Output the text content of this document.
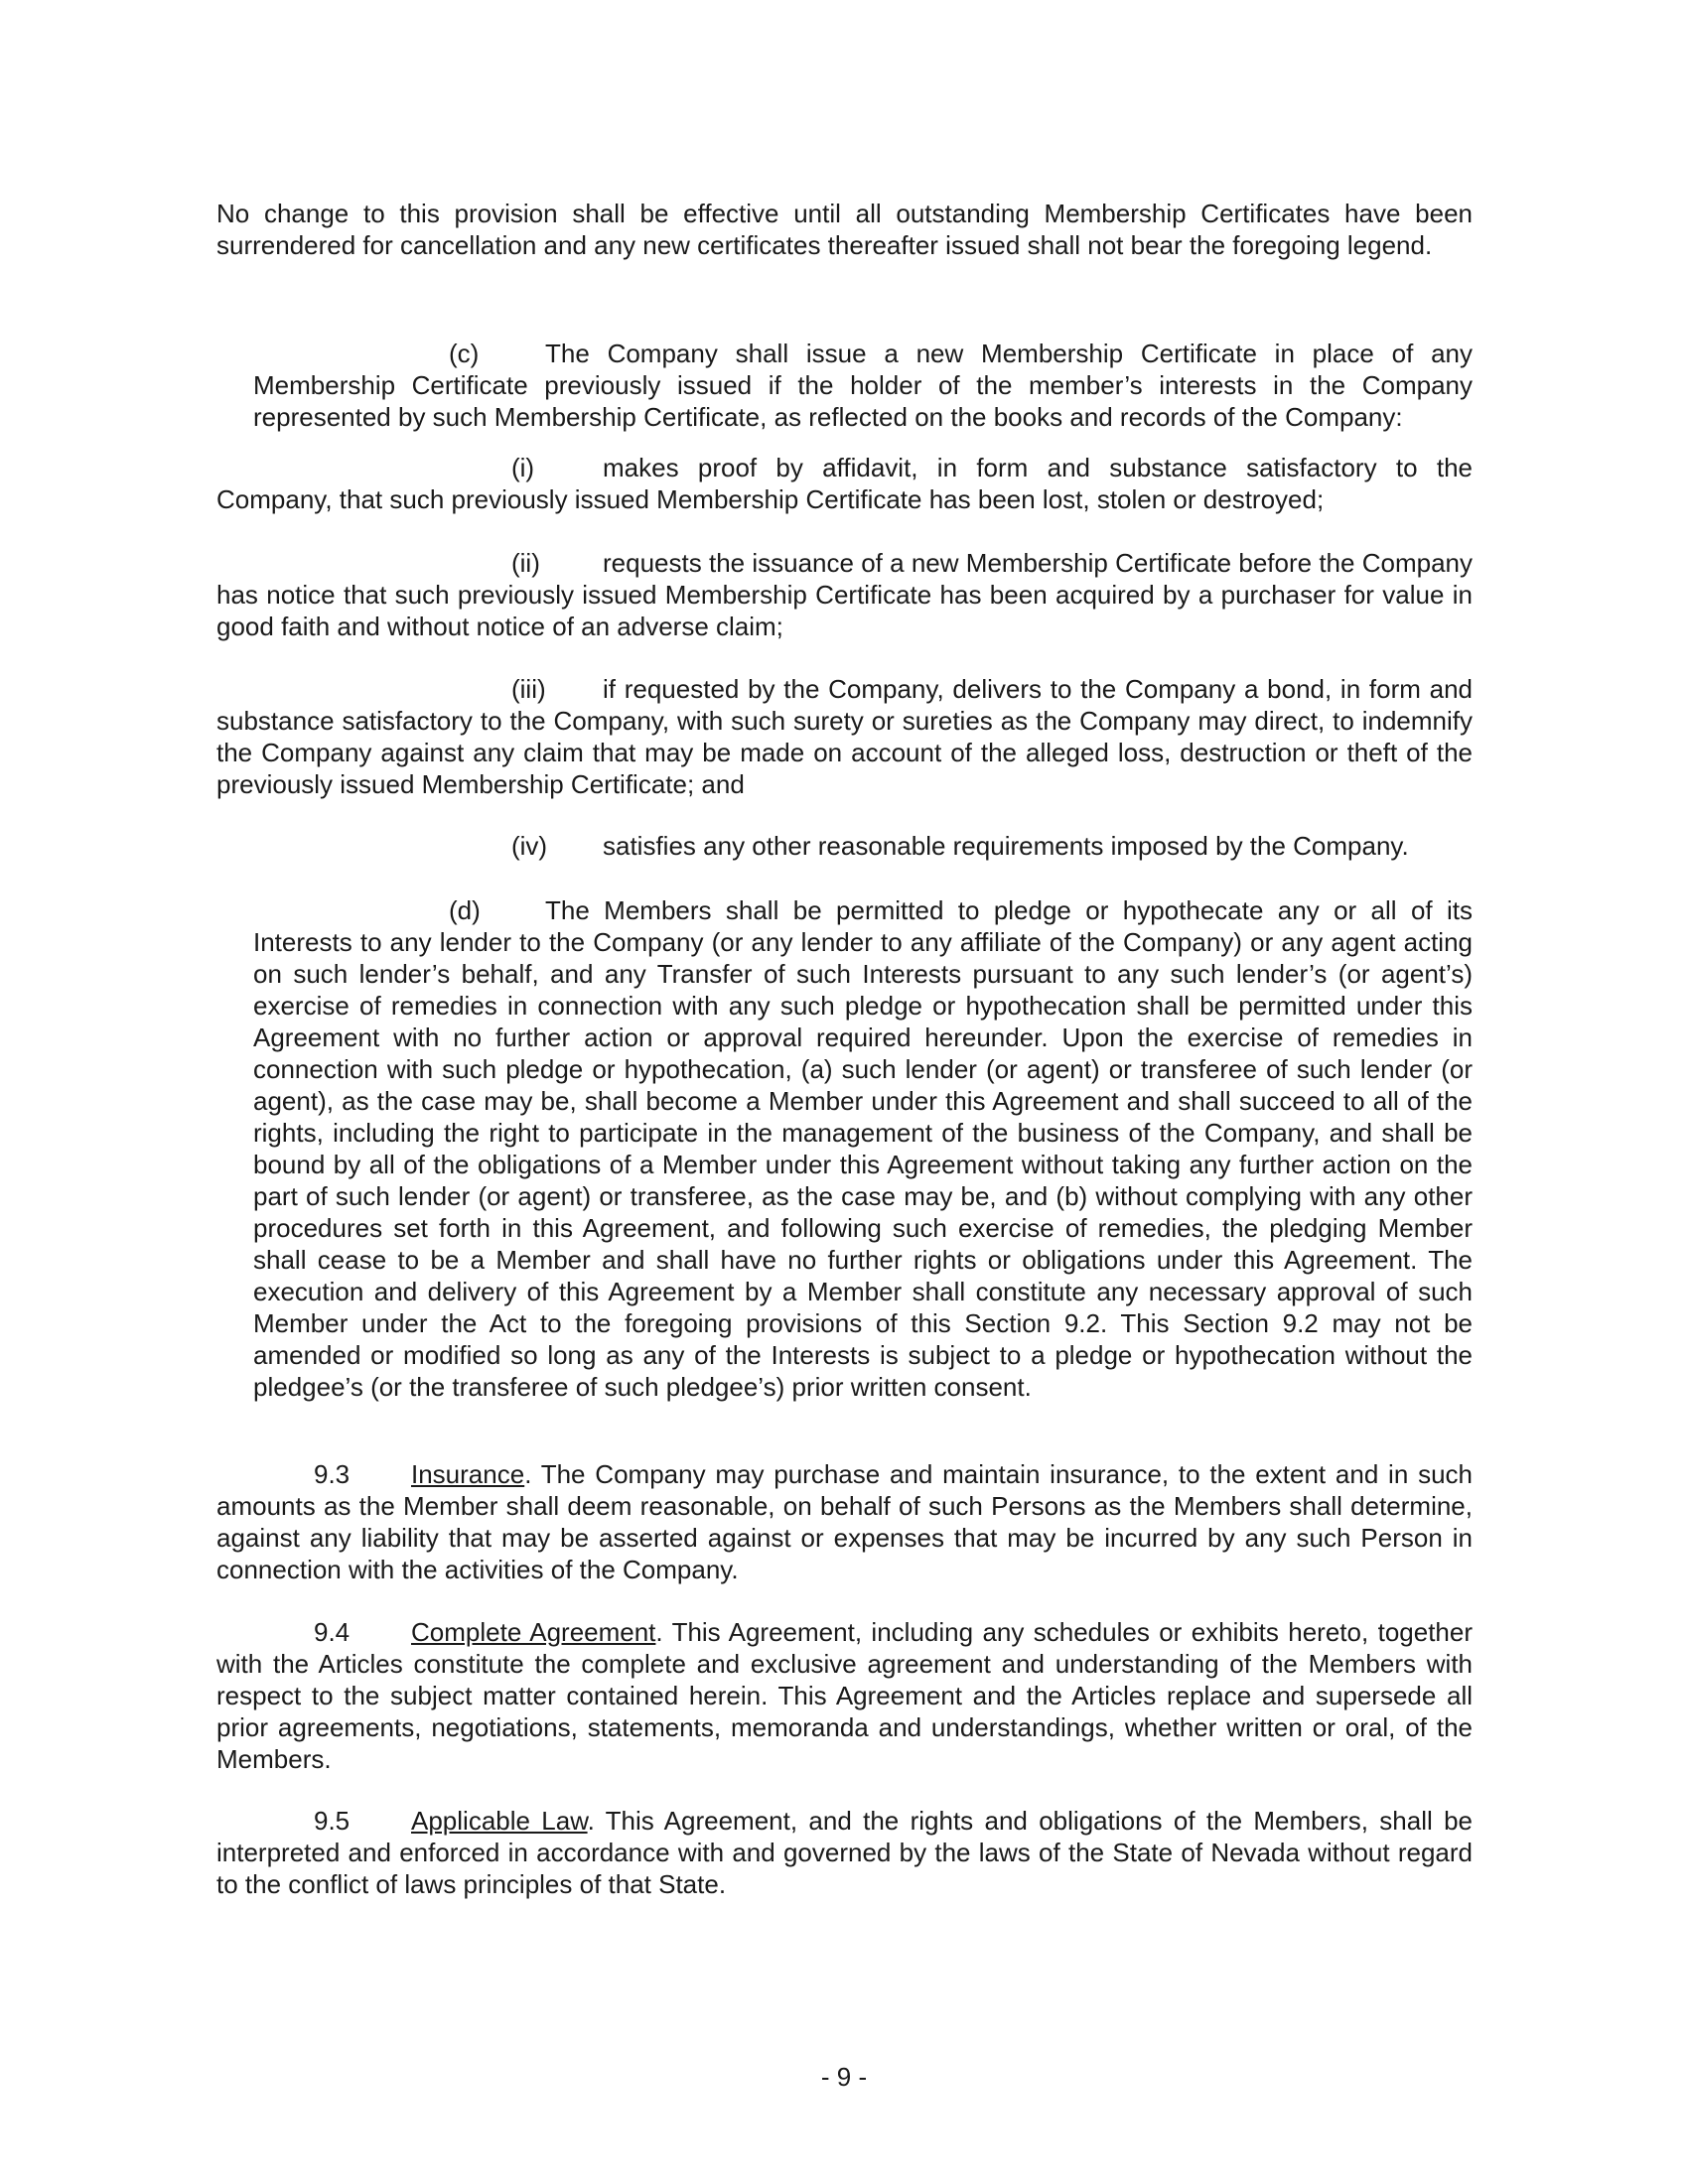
No change to this provision shall be effective until all outstanding Membership Certificates have been surrendered for cancellation and any new certificates thereafter issued shall not bear the foregoing legend.

(c)	The Company shall issue a new Membership Certificate in place of any Membership Certificate previously issued if the holder of the member’s interests in the Company represented by such Membership Certificate, as reflected on the books and records of the Company:

(i)	makes proof by affidavit, in form and substance satisfactory to the Company, that such previously issued Membership Certificate has been lost, stolen or destroyed;

(ii) requests the issuance of a new Membership Certificate before the Company has notice that such previously issued Membership Certificate has been acquired by a purchaser for value in good faith and without notice of an adverse claim;

(iii) if requested by the Company, delivers to the Company a bond, in form and substance satisfactory to the Company, with such surety or sureties as the Company may direct, to indemnify the Company against any claim that may be made on account of the alleged loss, destruction or theft of the previously issued Membership Certificate; and

(iv) satisfies any other reasonable requirements imposed by the Company.

(d)	The Members shall be permitted to pledge or hypothecate any or all of its Interests to any lender to the Company (or any lender to any affiliate of the Company) or any agent acting on such lender’s behalf, and any Transfer of such Interests pursuant to any such lender’s (or agent’s) exercise of remedies in connection with any such pledge or hypothecation shall be permitted under this Agreement with no further action or approval required hereunder. Upon the exercise of remedies in connection with such pledge or hypothecation, (a) such lender (or agent) or transferee of such lender (or agent), as the case may be, shall become a Member under this Agreement and shall succeed to all of the rights, including the right to participate in the management of the business of the Company, and shall be bound by all of the obligations of a Member under this Agreement without taking any further action on the part of such lender (or agent) or transferee, as the case may be, and (b) without complying with any other procedures set forth in this Agreement, and following such exercise of remedies, the pledging Member shall cease to be a Member and shall have no further rights or obligations under this Agreement. The execution and delivery of this Agreement by a Member shall constitute any necessary approval of such Member under the Act to the foregoing provisions of this Section 9.2. This Section 9.2 may not be amended or modified so long as any of the Interests is subject to a pledge or hypothecation without the pledgee’s (or the transferee of such pledgee’s) prior written consent.

9.3 Insurance. The Company may purchase and maintain insurance, to the extent and in such amounts as the Member shall deem reasonable, on behalf of such Persons as the Members shall determine, against any liability that may be asserted against or expenses that may be incurred by any such Person in connection with the activities of the Company.

9.4 Complete Agreement. This Agreement, including any schedules or exhibits hereto, together with the Articles constitute the complete and exclusive agreement and understanding of the Members with respect to the subject matter contained herein. This Agreement and the Articles replace and supersede all prior agreements, negotiations, statements, memoranda and understandings, whether written or oral, of the Members.

9.5 Applicable Law. This Agreement, and the rights and obligations of the Members, shall be interpreted and enforced in accordance with and governed by the laws of the State of Nevada without regard to the conflict of laws principles of that State.

- 9 -
